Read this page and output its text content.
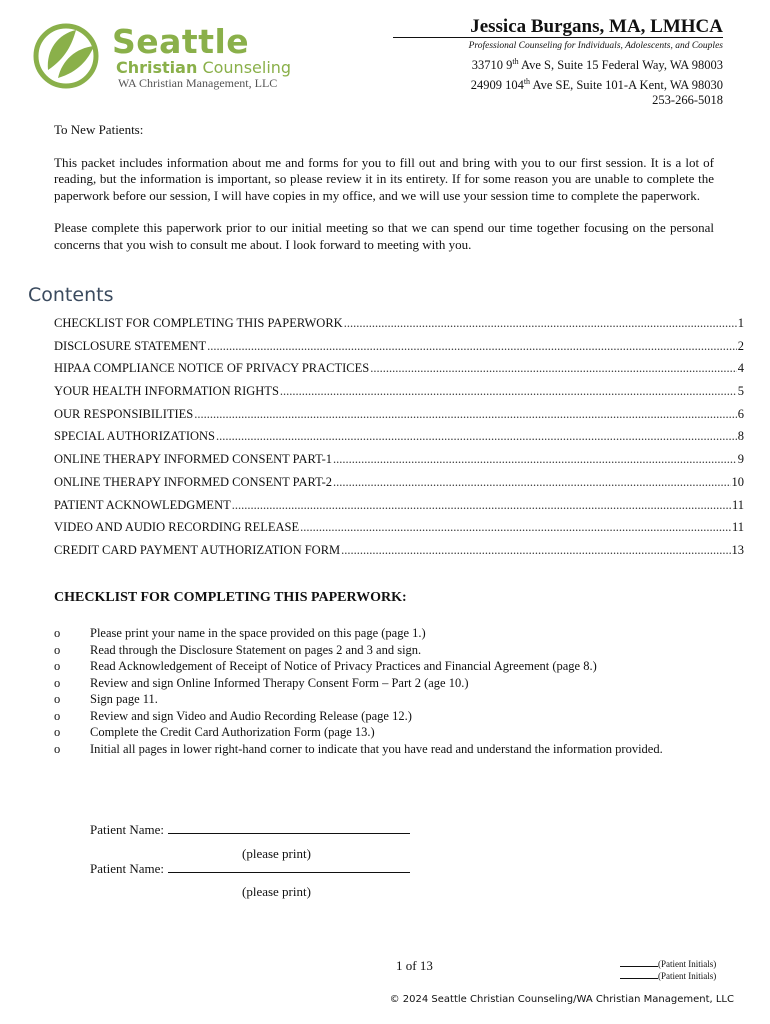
Seattle
Christian Counseling
WA Christian Management, LLC
Jessica Burgans, MA, LMHCA
Professional Counseling for Individuals, Adolescents, and Couples
33710 9th Ave S, Suite 15 Federal Way, WA 98003
24909 104th Ave SE, Suite 101-A Kent, WA 98030
253-266-5018
To New Patients:
This packet includes information about me and forms for you to fill out and bring with you to our first session. It is a lot of reading, but the information is important, so please review it in its entirety. If for some reason you are unable to complete the paperwork before our session, I will have copies in my office, and we will use your session time to complete the paperwork.
Please complete this paperwork prior to our initial meeting so that we can spend our time together focusing on the personal concerns that you wish to consult me about. I look forward to meeting with you.
Contents
CHECKLIST FOR COMPLETING THIS PAPERWORK .....	1
DISCLOSURE STATEMENT .....	2
HIPAA COMPLIANCE NOTICE OF PRIVACY PRACTICES .....	4
YOUR HEALTH INFORMATION RIGHTS .....	5
OUR RESPONSIBILITIES .....	6
SPECIAL AUTHORIZATIONS .....	8
ONLINE THERAPY INFORMED CONSENT PART-1 .....	9
ONLINE THERAPY INFORMED CONSENT PART-2 .....	10
PATIENT ACKNOWLEDGMENT .....	11
VIDEO AND AUDIO RECORDING RELEASE .....	11
CREDIT CARD PAYMENT AUTHORIZATION FORM .....	13
CHECKLIST FOR COMPLETING THIS PAPERWORK:
o	Please print your name in the space provided on this page (page 1.)
o	Read through the Disclosure Statement on pages 2 and 3 and sign.
o	Read Acknowledgement of Receipt of Notice of Privacy Practices and Financial Agreement (page 8.)
o	Review and sign Online Informed Therapy Consent Form – Part 2 (age 10.)
o	Sign page 11.
o	Review and sign Video and Audio Recording Release (page 12.)
o	Complete the Credit Card Authorization Form (page 13.)
o	Initial all pages in lower right-hand corner to indicate that you have read and understand the information provided.
Patient Name:
(please print)
Patient Name:
(please print)
1 of 13	(Patient Initials)
(Patient Initials)
© 2024 Seattle Christian Counseling/WA Christian Management, LLC
